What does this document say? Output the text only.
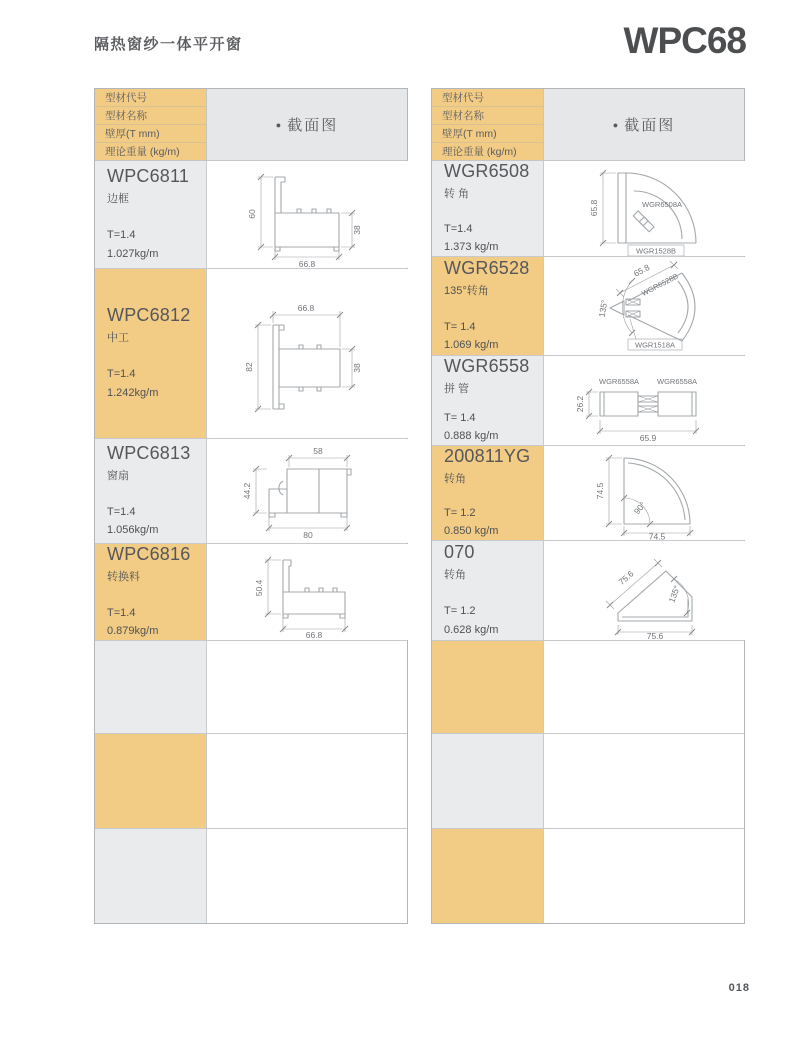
隔热窗纱一体平开窗	WPC68
型材代号
型材名称
壁厚(T mm)
理论重量 (kg/m)
● 截面图
WPC6811
边框
T=1.4
1.027kg/m
60
38
66.8
WPC6812
中工
T=1.4
1.242kg/m
66.8
82	38
WPC6813
窗扇
T=1.4
1.056kg/m
58
44.2
80
WPC6816
转换料
T=1.4
0.879kg/m
50.4
66.8
型材代号
型材名称
壁厚(T mm)
理论重量 (kg/m)
● 截面图
WGR6508
转 角
T=1.4
1.373 kg/m
WGR6508A
WGR1528B
65.8
WGR6528
135°转角
T= 1.4
1.069 kg/m
65.8
WGR6528B
135°
WGR1518A
WGR6558
拼 管
T= 1.4
0.888 kg/m
WGR6558A WGR6558A
26.2
65.9
200811YG
转角
T= 1.2
0.850 kg/m
90°
74.5
74.5
070
转角
T= 1.2
0.628 kg/m
75.6
135°
75.6
018
